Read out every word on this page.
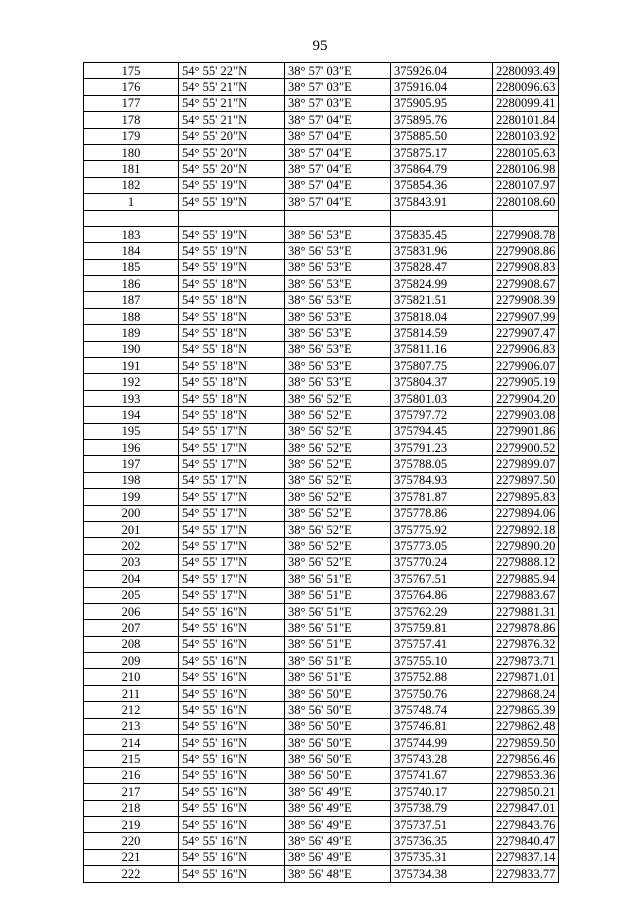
95
175	54° 55' 22"N	38° 57' 03"E	375926.04	2280093.49
176	54° 55' 21"N	38° 57' 03"E	375916.04	2280096.63
177	54° 55' 21"N	38° 57' 03"E	375905.95	2280099.41
178	54° 55' 21"N	38° 57' 04"E	375895.76	2280101.84
179	54° 55' 20"N	38° 57' 04"E	375885.50	2280103.92
180	54° 55' 20"N	38° 57' 04"E	375875.17	2280105.63
181	54° 55' 20"N	38° 57' 04"E	375864.79	2280106.98
182	54° 55' 19"N	38° 57' 04"E	375854.36	2280107.97
1	54° 55' 19"N	38° 57' 04"E	375843.91	2280108.60

183	54° 55' 19"N	38° 56' 53"E	375835.45	2279908.78
184	54° 55' 19"N	38° 56' 53"E	375831.96	2279908.86
185	54° 55' 19"N	38° 56' 53"E	375828.47	2279908.83
186	54° 55' 18"N	38° 56' 53"E	375824.99	2279908.67
187	54° 55' 18"N	38° 56' 53"E	375821.51	2279908.39
188	54° 55' 18"N	38° 56' 53"E	375818.04	2279907.99
189	54° 55' 18"N	38° 56' 53"E	375814.59	2279907.47
190	54° 55' 18"N	38° 56' 53"E	375811.16	2279906.83
191	54° 55' 18"N	38° 56' 53"E	375807.75	2279906.07
192	54° 55' 18"N	38° 56' 53"E	375804.37	2279905.19
193	54° 55' 18"N	38° 56' 52"E	375801.03	2279904.20
194	54° 55' 18"N	38° 56' 52"E	375797.72	2279903.08
195	54° 55' 17"N	38° 56' 52"E	375794.45	2279901.86
196	54° 55' 17"N	38° 56' 52"E	375791.23	2279900.52
197	54° 55' 17"N	38° 56' 52"E	375788.05	2279899.07
198	54° 55' 17"N	38° 56' 52"E	375784.93	2279897.50
199	54° 55' 17"N	38° 56' 52"E	375781.87	2279895.83
200	54° 55' 17"N	38° 56' 52"E	375778.86	2279894.06
201	54° 55' 17"N	38° 56' 52"E	375775.92	2279892.18
202	54° 55' 17"N	38° 56' 52"E	375773.05	2279890.20
203	54° 55' 17"N	38° 56' 52"E	375770.24	2279888.12
204	54° 55' 17"N	38° 56' 51"E	375767.51	2279885.94
205	54° 55' 17"N	38° 56' 51"E	375764.86	2279883.67
206	54° 55' 16"N	38° 56' 51"E	375762.29	2279881.31
207	54° 55' 16"N	38° 56' 51"E	375759.81	2279878.86
208	54° 55' 16"N	38° 56' 51"E	375757.41	2279876.32
209	54° 55' 16"N	38° 56' 51"E	375755.10	2279873.71
210	54° 55' 16"N	38° 56' 51"E	375752.88	2279871.01
211	54° 55' 16"N	38° 56' 50"E	375750.76	2279868.24
212	54° 55' 16"N	38° 56' 50"E	375748.74	2279865.39
213	54° 55' 16"N	38° 56' 50"E	375746.81	2279862.48
214	54° 55' 16"N	38° 56' 50"E	375744.99	2279859.50
215	54° 55' 16"N	38° 56' 50"E	375743.28	2279856.46
216	54° 55' 16"N	38° 56' 50"E	375741.67	2279853.36
217	54° 55' 16"N	38° 56' 49"E	375740.17	2279850.21
218	54° 55' 16"N	38° 56' 49"E	375738.79	2279847.01
219	54° 55' 16"N	38° 56' 49"E	375737.51	2279843.76
220	54° 55' 16"N	38° 56' 49"E	375736.35	2279840.47
221	54° 55' 16"N	38° 56' 49"E	375735.31	2279837.14
222	54° 55' 16"N	38° 56' 48"E	375734.38	2279833.77
